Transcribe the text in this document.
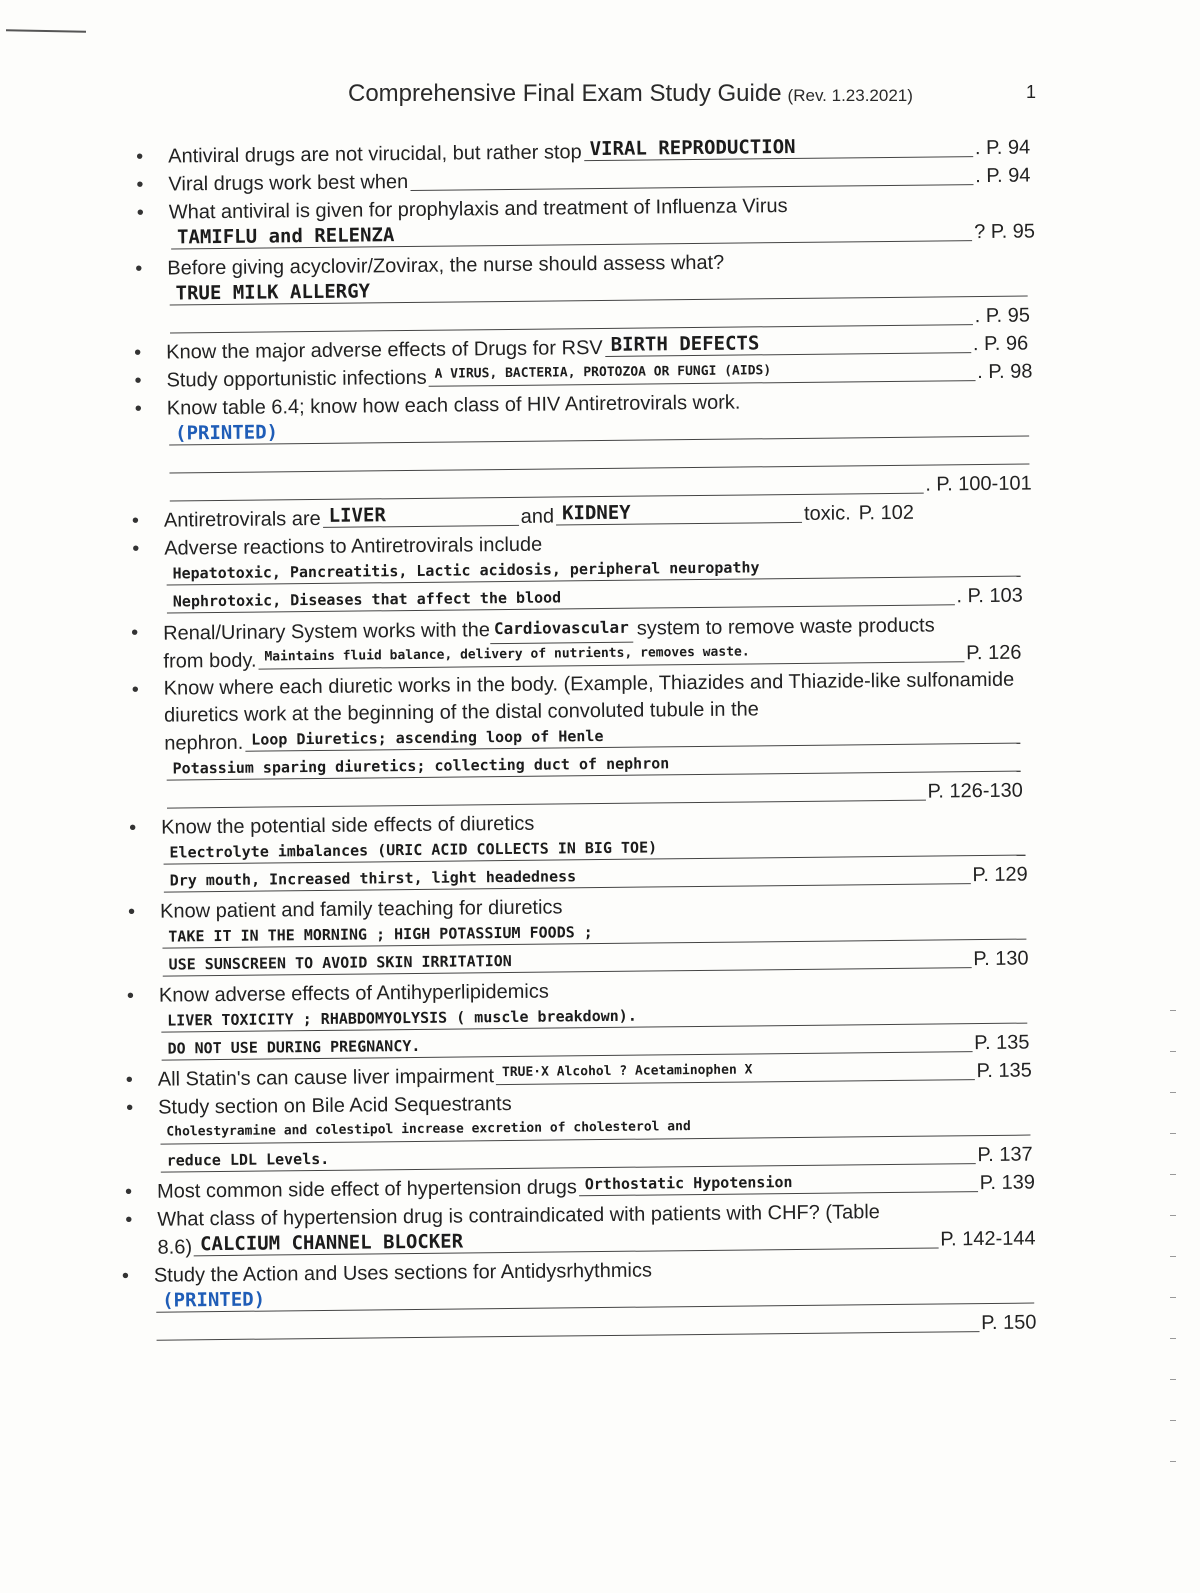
Comprehensive Final Exam Study Guide (Rev. 1.23.2021)	1
• Antiviral drugs are not virucidal, but rather stop VIRAL REPRODUCTION	. P. 94
• Viral drugs work best when	. P. 94
• What antiviral is given for prophylaxis and treatment of Influenza Virus
TAMIFLU and RELENZA	? P. 95
• Before giving acyclovir/Zovirax, the nurse should assess what?
TRUE MILK ALLERGY
. P. 95
• Know the major adverse effects of Drugs for RSV BIRTH DEFECTS	. P. 96
• Study opportunistic infections A VIRUS, BACTERIA, PROTOZOA OR FUNGI (AIDS)	. P. 98
• Know table 6.4; know how each class of HIV Antiretrovirals work.
(PRINTED)
. P. 100-101
• Antiretrovirals are LIVER	and KIDNEY	toxic. P. 102
• Adverse reactions to Antiretrovirals include
Hepatotoxic, Pancreatitis, Lactic acidosis, peripheral neuropathy
Nephrotoxic, Diseases that affect the blood	. P. 103
• Renal/Urinary System works with the Cardiovascular system to remove waste products
from body. Maintains fluid balance, delivery of nutrients, removes waste.	P. 126
• Know where each diuretic works in the body. (Example, Thiazides and Thiazide-like sulfonamide diuretics work at the beginning of the distal convoluted tubule in the
nephron. Loop Diuretics; ascending loop of Henle
Potassium sparing diuretics; collecting duct of nephron
P. 126-130
• Know the potential side effects of diuretics
Electrolyte imbalances (URIC ACID COLLECTS IN BIG TOE)
Dry mouth, Increased thirst, light headedness	P. 129
• Know patient and family teaching for diuretics
TAKE IT IN THE MORNING ; HIGH POTASSIUM FOODS ;
USE SUNSCREEN TO AVOID SKIN IRRITATION	P. 130
• Know adverse effects of Antihyperlipidemics
LIVER TOXICITY ; RHABDOMYOLYSIS ( muscle breakdown).
DO NOT USE DURING PREGNANCY.	P. 135
• All Statin's can cause liver impairment TRUE·X Alcohol ? Acetaminophen X	P. 135
• Study section on Bile Acid Sequestrants
Cholestyramine and colestipol increase excretion of cholesterol and
reduce LDL Levels.	P. 137
• Most common side effect of hypertension drugs Orthostatic Hypotension	P. 139
• What class of hypertension drug is contraindicated with patients with CHF? (Table
8.6) CALCIUM CHANNEL BLOCKER	P. 142-144
• Study the Action and Uses sections for Antidysrhythmics
(PRINTED)
P. 150
